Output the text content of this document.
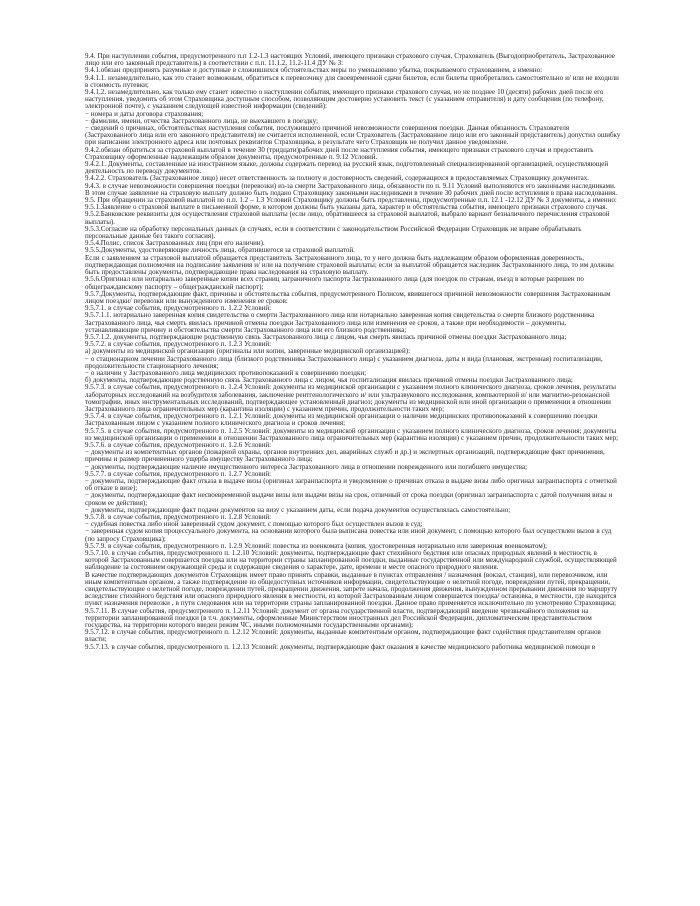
9.4. При наступлении события, предусмотренного п.п 1.2-1.3 настоящих Условий, имеющего признаки страхового случая, Страхователь (Выгодоприобретатель, Застрахованное лицо или его законный представитель) в соответствии с п.п. 11.1.2, 11.2-11.4 ДУ № 3:

9.4.1.обязан предпринять разумные и доступные в сложившихся обстоятельствах меры по уменьшению убытка, покрываемого страхованием, а именно:

9.4.1.1. незамедлительно, как это станет возможным, обратиться к перевозчику для своевременной сдачи билетов, если билеты приобретались самостоятельно и/ или не входили в стоимость путевки;

9.4.1.2. незамедлительно, как только ему станет известно о наступлении события, имеющего признаки страхового случая, но не позднее 10 (десяти) рабочих дней после его наступления, уведомить об этом Страховщика доступным способом, позволяющим достоверно установить текст (с указанием отправителя) и дату сообщения (по телефону, электронной почте), с указанием следующей известной информации (сведений):

− номера и даты договора страхования;

− фамилии, имени, отчества Застрахованного лица, не выехавшего в поездку;

− сведений о причинах, обстоятельствах наступления события, послужившего причиной невозможности совершения поездки. Данная обязанность Страхователя (Застрахованного лица или его законного представителя) не считается исполненной, если Страхователь (Застрахованное лицо или его законный представитель) допустил ошибку при написании электронного адреса или почтовых реквизитов Страховщика, в результате чего Страховщик не получил данное уведомление.

9.4.2.обязан обратиться за страховой выплатой в течение 30 (тридцати)рабочих дней после наступления события, имеющего признаки страхового случая и предоставить Страховщику оформленные надлежащим образом документы, предусмотренные п. 9.12 Условий.

9.4.2.1. Документы, составленные на иностранном языке, должны содержать перевод на русский язык, подготовленный специализированной организацией, осуществляющей деятельность по переводу документов.

9.4.2.2. Страхователь (Застрахованное лицо) несет ответственность за полноту и достоверность сведений, содержащихся в предоставляемых Страховщику документах.

9.4.3. в случае невозможности совершения поездки (перевозки) из-за смерти Застрахованного лица, обязанности по п. 9.11 Условий выполняются его законными наследниками. В этом случае заявление на страховую выплату должно быть подано Страховщику законными наследниками в течение 30 рабочих дней после вступления в права наследования.

9.5. При обращении за страховой выплатой по п.п. 1.2 – 1.3 Условий Страховщику должны быть представлены, предусмотренные п.п. 12.1 -12.12 ДУ № 3 документы, а именно:

9.5.1.Заявление о страховой выплате в письменной форме, в котором должны быть указаны дата, характер и обстоятельства события, имеющего признаки страхового случая.

9.5.2.Банковские реквизиты для осуществления страховой выплаты (если лицо, обратившееся за страховой выплатой, выбрало вариант безналичного перечисления страховой выплаты).

9.5.3.Согласие на обработку персональных данных (в случаях, если в соответствии с законодательством Российской Федерации Страховщик не вправе обрабатывать персональные данные без такого согласия).

9.5.4.Полис, список Застрахованных лиц (при его наличии).

9.5.5.Документы, удостоверяющие личность лица, обратившегося за страховой выплатой.

Если с заявлением за страховой выплатой обращается представитель Застрахованного лица, то у него должна быть надлежащим образом оформленная доверенность, подтверждающая полномочия на подписание заявления и/ или на получение страховой выплаты; если за выплатой обращается наследник Застрахованного лица, то им должны быть предоставлены документы, подтверждающие права наследования на страховую выплату.

9.5.6.Оригинал или нотариально заверенные копии всех страниц заграничного паспорта Застрахованного лица (для поездок по странам, въезд в которые разрешен по общегражданскому паспорту – общегражданский паспорт);

9.5.7.Документы, подтверждающие факт, причины и обстоятельства события, предусмотренного Полисом, явившегося причиной невозможности совершения Застрахованным лицом поездки/ перевозки или вынужденного изменения ее сроков:

9.5.7.1. в случае события, предусмотренного п. 1.2.2 Условий:

9.5.7.1.1. нотариально заверенная копия свидетельства о смерти Застрахованного лица или нотариально заверенная копия свидетельства о смерти близкого родственника Застрахованного лица, чья смерть явилась причиной отмены поездки Застрахованного лица или изменения ее сроков, а также при необходимости – документы, устанавливающие причину и обстоятельства смерти Застрахованного лица или его близкого родственника;

9.5.7.1.2. документы, подтверждающие родственную связь Застрахованного лица с лицом, чья смерть явилась причиной отмены поездки Застрахованного лица;

9.5.7.2. в случае события, предусмотренного п. 1.2.3 Условий:

а) документы из медицинской организации (оригиналы или копии, заверенные медицинской организацией):

− о стационарном лечении Застрахованного лица (близкого родственника Застрахованного лица) с указанием диагноза, даты и вида (плановая, экстренная) госпитализации, продолжительности стационарного лечения;

− о наличии у Застрахованного лица медицинских противопоказаний к совершению поездки;

б) документы, подтверждающие родственную связь Застрахованного лица с лицом, чья госпитализация явилась причиной отмены поездки Застрахованного лица;

9.5.7.3. в случае события, предусмотренного п. 1.2.4 Условий: документы из медицинской организации с указанием полного клинического диагноза, сроков лечения, результаты лабораторных исследований на возбудителя заболевания, заключение рентгенологического и/ или ультразвукового исследования, компьютерной и/ или магнитно-резонансной томографии, иных инструментальных исследований, подтверждающее установленный диагноз; документы из медицинской или иной организации о применении в отношении Застрахованного лица ограничительных мер (карантина изоляции) с указанием причин, продолжительности таких мер;

9.5.7.4. в случае события, предусмотренного п. 1.2.1 Условий: документы из медицинской организации о наличии медицинских противопоказаний к совершению поездки Застрахованным лицом с указанием полного клинического диагноза и сроков лечения;

9.5.7.5. в случае события, предусмотренного п. 1.2.5 Условий: документы из медицинской организации с указанием полного клинического диагноза, сроков лечения; документы из медицинской организации о применении в отношении Застрахованного лица ограничительных мер (карантина изоляции) с указанием причин, продолжительности таких мер;

9.5.7.6. в случае события, предусмотренного п. 1.2.6 Условий:

− документы из компетентных органов (пожарной охраны, органов внутренних дел, аварийных служб и др.) и экспертных организаций, подтверждающие факт причинения, причины и размер причиненного ущерба имуществу Застрахованного лица;

− документы, подтверждающие наличие имущественного интереса Застрахованного лица в отношении поврежденного или погибшего имущества;

9.5.7.7. в случае события, предусмотренного п. 1.2.7 Условий:

− документы, подтверждающие факт отказа в выдаче визы (оригинал загранпаспорта и уведомление о причинах отказа в выдаче визы либо оригинал загранпаспорта с отметкой об отказе в визе);

− документы, подтверждающие факт несвоевременной выдачи визы или выдачи визы на срок, отличный от срока поездки (оригинал загранпаспорта с датой получения визы и сроком ее действия);

− документы, подтверждающие факт подачи документов на визу с указанием даты, если подача документов осуществлялась самостоятельно;

9.5.7.8. в случае события, предусмотренного п. 1.2.8 Условий:

− судебная повестка либо иной заверенный судом документ, с помощью которого был осуществлен вызов в суд;

− заверенная судом копия процессуального документа, на основании которого была выписана повестка или иной документ, с помощью которого был осуществлен вызов в суд (по запросу Страховщика);

9.5.7.9. в случае события, предусмотренного п. 1.2.9 Условий: повестка из военкомата (копия, удостоверенная нотариально или заверенная военкоматом);

9.5.7.10. в случае события, предусмотренного п. 1.2.10 Условий: документы, подтверждающие факт стихийного бедствия или опасных природных явлений в местности, в которой Застрахованным совершается поездка или на территории страны запланированной поездки, выданные государственной или международной службой, осуществляющей наблюдение за состоянием окружающей среды и содержащие сведения о характере, дате, времени и месте опасного природного явления.

В качестве подтверждающих документов Страховщик имеет право принять справки, выданные в пунктах отправления / назначения (вокзал, станция), или перевозчиком, или иным компетентным органом, а также подтверждение из общедоступных источников информации, свидетельствующие о нелетной погоде, повреждении путей, прекращении, свидетельствующие о нелетной погоде, повреждении путей, прекращении движения, запрете начала, продолжения движения, вынужденном прерывании движения по маршруту вследствие стихийного бедствия или опасного природного явления в местности, из которой Застрахованным лицом совершается поездка/ остановка, в местности, где находится пункт назначения перевозки , в пути следования или на территории страны запланированной поездки. Данное право применяется исключительно по усмотрению Страховщика;

9.5.7.11. В случае события, предусмотренного п. 1.2.11 Условий: документ от органа государственной власти, подтверждающий введение чрезвычайного положения на территории запланированной поездки (в т.ч. документы, оформленные Министерством иностранных дел Российской Федерации, дипломатическим представительством государства, на территории которого введен режим ЧС, иными полномочными государственными органами);

9.5.7.12. в случае события, предусмотренного п. 1.2.12 Условий: документы, выданные компетентным органом, подтверждающие факт содействия представителям органов власти;

9.5.7.13. в случае события, предусмотренного п. 1.2.13 Условий: документы, подтверждающие факт оказания в качестве медицинского работника медицинской помощи в
